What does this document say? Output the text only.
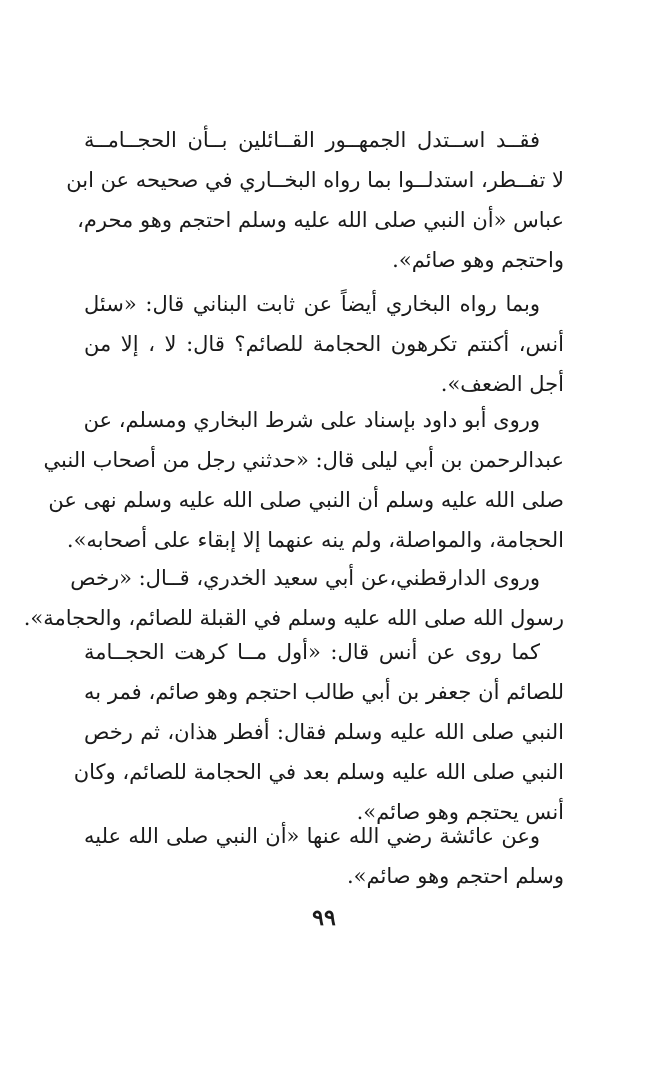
فقــد اســتدل الجمهــور القــائلين بــأن الحجــامــة
لا تفــطر، استدلــوا بما رواه البخــاري في صحيحه عن ابن
عباس «أن النبي صلى الله عليه وسلم احتجم وهو محرم،
واحتجم وهو صائم».
وبما رواه البخاري أيضاً عن ثابت البناني قال: «سئل
أنس، أكنتم تكرهون الحجامة للصائم؟ قال: لا ، إلا من
أجل الضعف».
وروى أبو داود بإسناد على شرط البخاري ومسلم، عن
عبدالرحمن بن أبي ليلى قال: «حدثني رجل من أصحاب النبي
صلى الله عليه وسلم أن النبي صلى الله عليه وسلم نهى عن
الحجامة، والمواصلة، ولم ينه عنهما إلا إبقاء على أصحابه».
وروى الدارقطني،عن أبي سعيد الخدري، قــال: «رخص
رسول الله صلى الله عليه وسلم في القبلة للصائم، والحجامة».
كما روى عن أنس قال: «أول مــا كرهت الحجــامة
للصائم أن جعفر بن أبي طالب احتجم وهو صائم، فمر به
النبي صلى الله عليه وسلم فقال: أفطر هذان، ثم رخص
النبي صلى الله عليه وسلم بعد في الحجامة للصائم، وكان
أنس يحتجم وهو صائم».
وعن عائشة رضي الله عنها «أن النبي صلى الله عليه
وسلم احتجم وهو صائم».
٩٩
